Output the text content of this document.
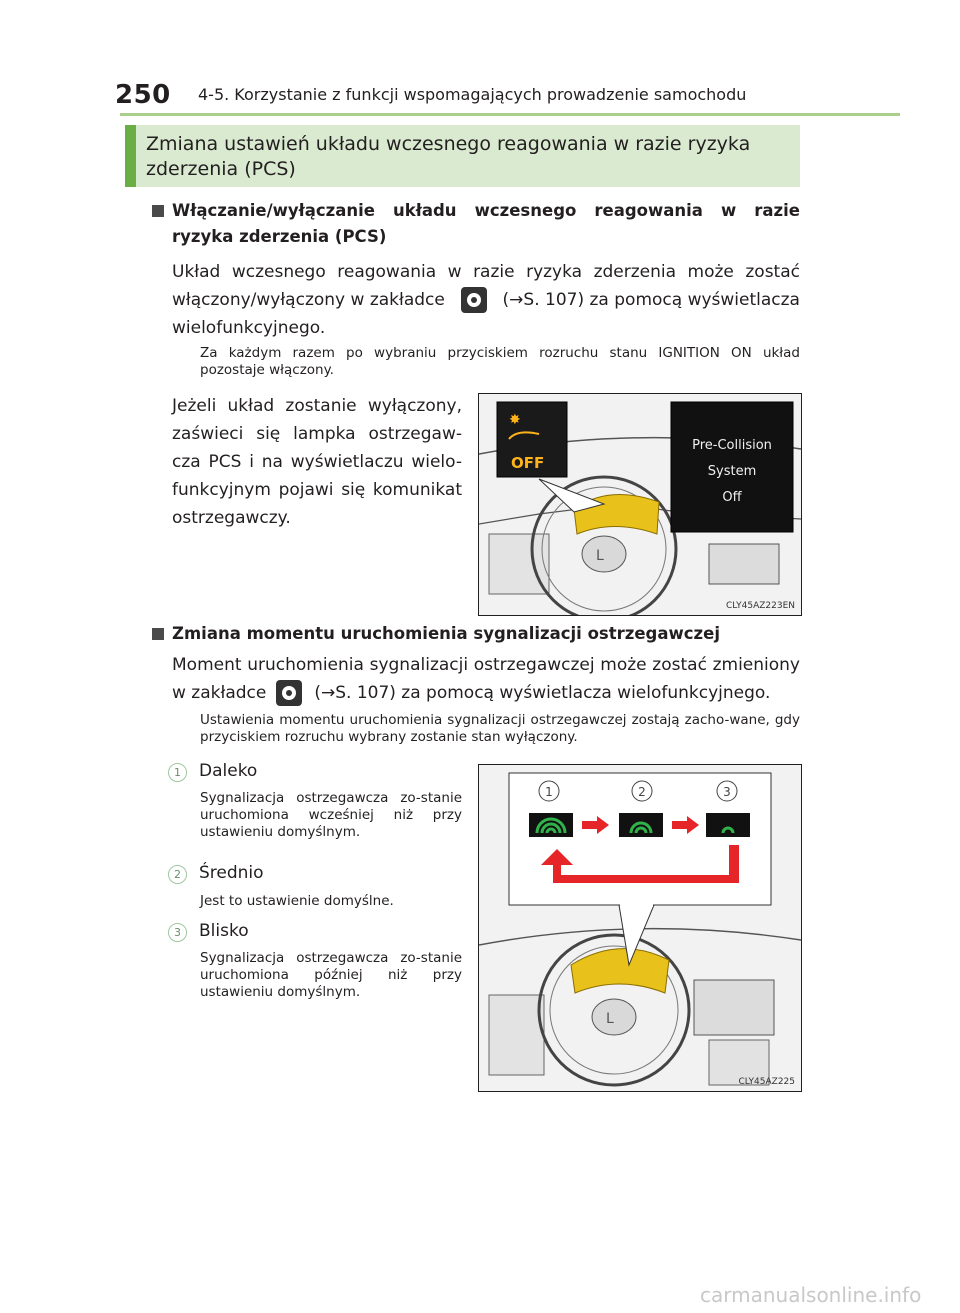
250 4-5. Korzystanie z funkcji wspomagających prowadzenie samochodu
Zmiana ustawień układu wczesnego reagowania w razie ryzyka zderzenia (PCS)
Włączanie/wyłączanie układu wczesnego reagowania w razie ryzyka zderzenia (PCS)
Układ wczesnego reagowania w razie ryzyka zderzenia może zostać
włączony/wyłączony w zakładce	(→S. 107) za pomocą wyświetlacza
wielofunkcyjnego.
Za każdym razem po wybraniu przyciskiem rozruchu stanu IGNITION ON układ pozostaje włączony.
Jeżeli układ zostanie wyłączony, zaświeci się lampka ostrzegaw-cza PCS i na wyświetlaczu wielo-funkcyjnym pojawi się komunikat ostrzegawczy.
L
✸
OFF
Pre-Collision
System
Off
CLY45AZ223EN
Zmiana momentu uruchomienia sygnalizacji ostrzegawczej
Moment uruchomienia sygnalizacji ostrzegawczej może zostać zmieniony
w zakładce	(→S. 107) za pomocą wyświetlacza wielofunkcyjnego.
Ustawienia momentu uruchomienia sygnalizacji ostrzegawczej zostają zacho-wane, gdy przyciskiem rozruchu wybrany zostanie stan wyłączony.
1	Daleko
Sygnalizacja ostrzegawcza zo-stanie uruchomiona wcześniej niż przy ustawieniu domyślnym.
2	Średnio
Jest to ustawienie domyślne.
3	Blisko
Sygnalizacja ostrzegawcza zo-stanie uruchomiona później niż przy ustawieniu domyślnym.
L
1	2	3
CLY45AZ225
carmanualsonline.info
